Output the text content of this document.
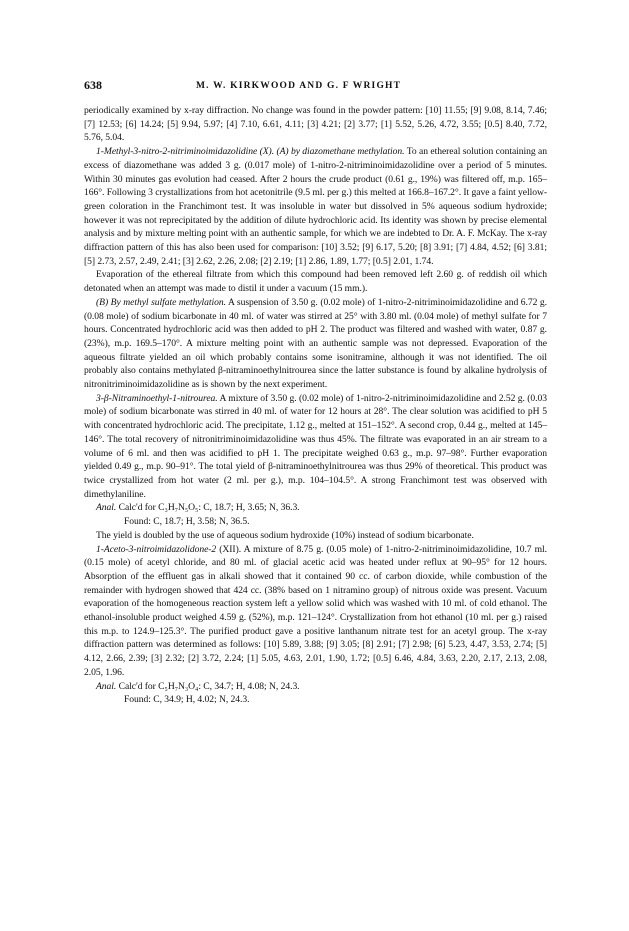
638	M. W. KIRKWOOD AND G. F WRIGHT

periodically examined by x-ray diffraction. No change was found in the powder pattern: [10] 11.55; [9] 9.08, 8.14, 7.46; [7] 12.53; [6] 14.24; [5] 9.94, 5.97; [4] 7.10, 6.61, 4.11; [3] 4.21; [2] 3.77; [1] 5.52, 5.26, 4.72, 3.55; [0.5] 8.40, 7.72, 5.76, 5.04.

1-Methyl-3-nitro-2-nitriminoimidazolidine (X). (A) by diazomethane methylation. To an ethereal solution containing an excess of diazomethane was added 3 g. (0.017 mole) of 1-nitro-2-nitriminoimidazolidine over a period of 5 minutes. Within 30 minutes gas evolution had ceased. After 2 hours the crude product (0.61 g., 19%) was filtered off, m.p. 165–166°. Following 3 crystallizations from hot acetonitrile (9.5 ml. per g.) this melted at 166.8–167.2°. It gave a faint yellow-green coloration in the Franchimont test. It was insoluble in water but dissolved in 5% aqueous sodium hydroxide; however it was not reprecipitated by the addition of dilute hydrochloric acid. Its identity was shown by precise elemental analysis and by mixture melting point with an authentic sample, for which we are indebted to Dr. A. F. McKay. The x-ray diffraction pattern of this has also been used for comparison: [10] 3.52; [9] 6.17, 5.20; [8] 3.91; [7] 4.84, 4.52; [6] 3.81; [5] 2.73, 2.57, 2.49, 2.41; [3] 2.62, 2.26, 2.08; [2] 2.19; [1] 2.86, 1.89, 1.77; [0.5] 2.01, 1.74.

Evaporation of the ethereal filtrate from which this compound had been removed left 2.60 g. of reddish oil which detonated when an attempt was made to distil it under a vacuum (15 mm.).

(B) By methyl sulfate methylation. A suspension of 3.50 g. (0.02 mole) of 1-nitro-2-nitriminoimidazolidine and 6.72 g. (0.08 mole) of sodium bicarbonate in 40 ml. of water was stirred at 25° with 3.80 ml. (0.04 mole) of methyl sulfate for 7 hours. Concentrated hydrochloric acid was then added to pH 2. The product was filtered and washed with water, 0.87 g. (23%), m.p. 169.5–170°. A mixture melting point with an authentic sample was not depressed. Evaporation of the aqueous filtrate yielded an oil which probably contains some isonitramine, although it was not identified. The oil probably also contains methylated β-nitraminoethylnitrourea since the latter substance is found by alkaline hydrolysis of nitronitriminoimidazolidine as is shown by the next experiment.

3-β-Nitraminoethyl-1-nitrourea. A mixture of 3.50 g. (0.02 mole) of 1-nitro-2-nitriminoimidazolidine and 2.52 g. (0.03 mole) of sodium bicarbonate was stirred in 40 ml. of water for 12 hours at 28°. The clear solution was acidified to pH 5 with concentrated hydrochloric acid. The precipitate, 1.12 g., melted at 151–152°. A second crop, 0.44 g., melted at 145–146°. The total recovery of nitronitriminoimidazolidine was thus 45%. The filtrate was evaporated in an air stream to a volume of 6 ml. and then was acidified to pH 1. The precipitate weighed 0.63 g., m.p. 97–98°. Further evaporation yielded 0.49 g., m.p. 90–91°. The total yield of β-nitraminoethylnitrourea was thus 29% of theoretical. This product was twice crystallized from hot water (2 ml. per g.), m.p. 104–104.5°. A strong Franchimont test was observed with dimethylaniline.

Anal. Calc'd for C₃H₇N₅O₅: C, 18.7; H, 3.65; N, 36.3.

Found: C, 18.7; H, 3.58; N, 36.5.

The yield is doubled by the use of aqueous sodium hydroxide (10%) instead of sodium bicarbonate.

1-Aceto-3-nitroimidazolidone-2 (XII). A mixture of 8.75 g. (0.05 mole) of 1-nitro-2-nitriminoimidazolidine, 10.7 ml. (0.15 mole) of acetyl chloride, and 80 ml. of glacial acetic acid was heated under reflux at 90–95° for 12 hours. Absorption of the effluent gas in alkali showed that it contained 90 cc. of carbon dioxide, while combustion of the remainder with hydrogen showed that 424 cc. (38% based on 1 nitramino group) of nitrous oxide was present. Vacuum evaporation of the homogeneous reaction system left a yellow solid which was washed with 10 ml. of cold ethanol. The ethanol-insoluble product weighed 4.59 g. (52%), m.p. 121–124°. Crystallization from hot ethanol (10 ml. per g.) raised this m.p. to 124.9–125.3°. The purified product gave a positive lanthanum nitrate test for an acetyl group. The x-ray diffraction pattern was determined as follows: [10] 5.89, 3.88; [9] 3.05; [8] 2.91; [7] 2.98; [6] 5.23, 4.47, 3.53, 2.74; [5] 4.12, 2.66, 2.39; [3] 2.32; [2] 3.72, 2.24; [1] 5.05, 4.63, 2.01, 1.90, 1.72; [0.5] 6.46, 4.84, 3.63, 2.20, 2.17, 2.13, 2.08, 2.05, 1.96.

Anal. Calc'd for C₅H₇N₃O₄: C, 34.7; H, 4.08; N, 24.3.

Found: C, 34.9; H, 4.02; N, 24.3.
